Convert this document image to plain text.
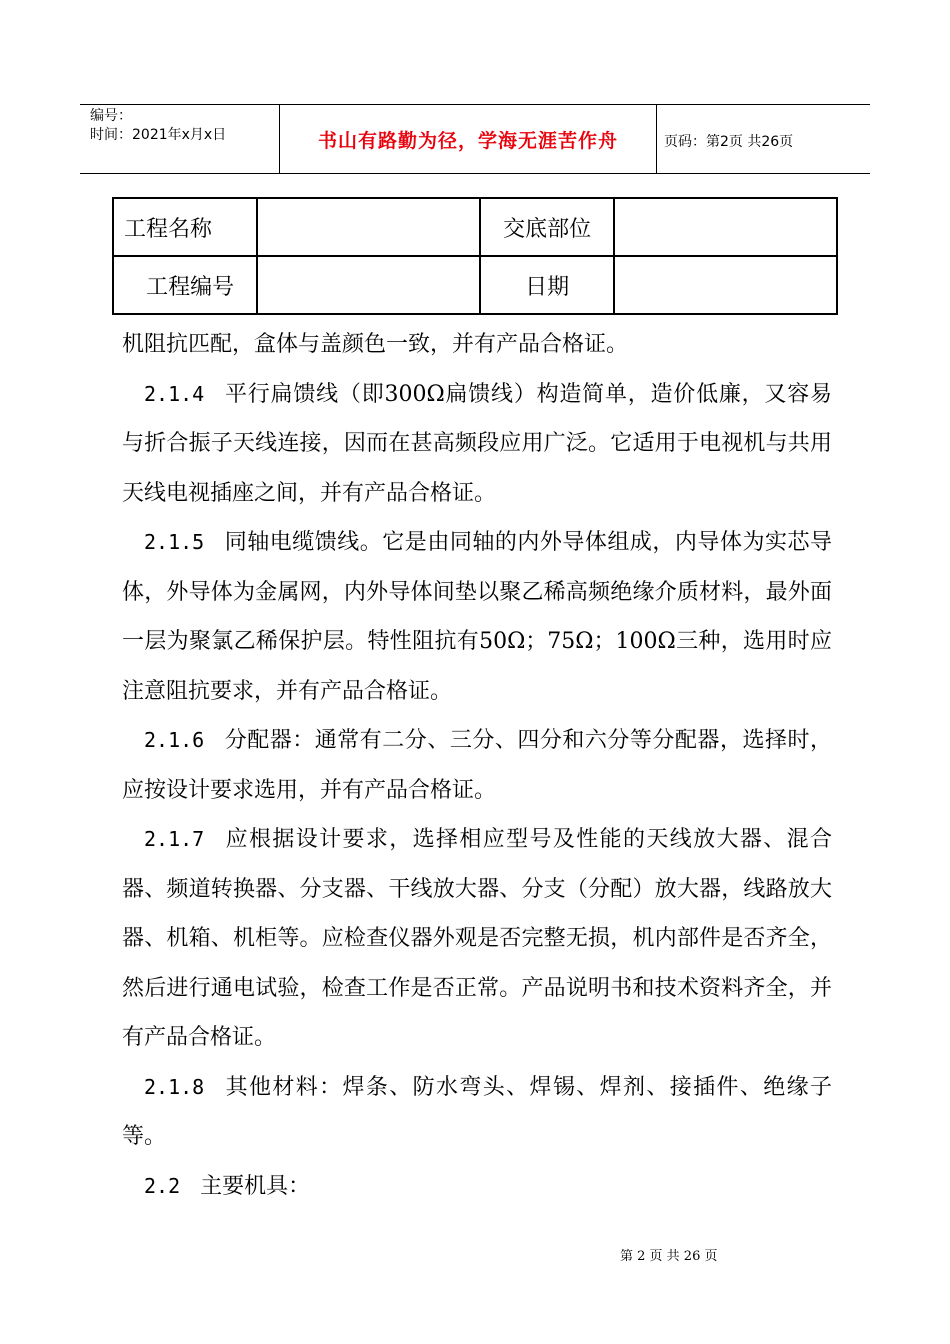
编号：
时间：2021年x月x日	书山有路勤为径，学海无涯苦作舟	页码：第2页 共26页
工程名称		交底部位	
工程编号		日期	

机阻抗匹配，盒体与盖颜色一致，并有产品合格证。

2.1.4 平行扁馈线（即300Ω扁馈线）构造简单，造价低廉，又容易与折合振子天线连接，因而在甚高频段应用广泛。它适用于电视机与共用天线电视插座之间，并有产品合格证。

2.1.5 同轴电缆馈线。它是由同轴的内外导体组成，内导体为实芯导体，外导体为金属网，内外导体间垫以聚乙稀高频绝缘介质材料，最外面一层为聚氯乙稀保护层。特性阻抗有50Ω；75Ω；100Ω三种，选用时应注意阻抗要求，并有产品合格证。

2.1.6 分配器：通常有二分、三分、四分和六分等分配器，选择时，应按设计要求选用，并有产品合格证。

2.1.7 应根据设计要求，选择相应型号及性能的天线放大器、混合器、频道转换器、分支器、干线放大器、分支（分配）放大器，线路放大器、机箱、机柜等。应检查仪器外观是否完整无损，机内部件是否齐全，然后进行通电试验，检查工作是否正常。产品说明书和技术资料齐全，并有产品合格证。

2.1.8 其他材料：焊条、防水弯头、焊锡、焊剂、接插件、绝缘子等。

2.2 主要机具：

第 2 页 共 26 页
